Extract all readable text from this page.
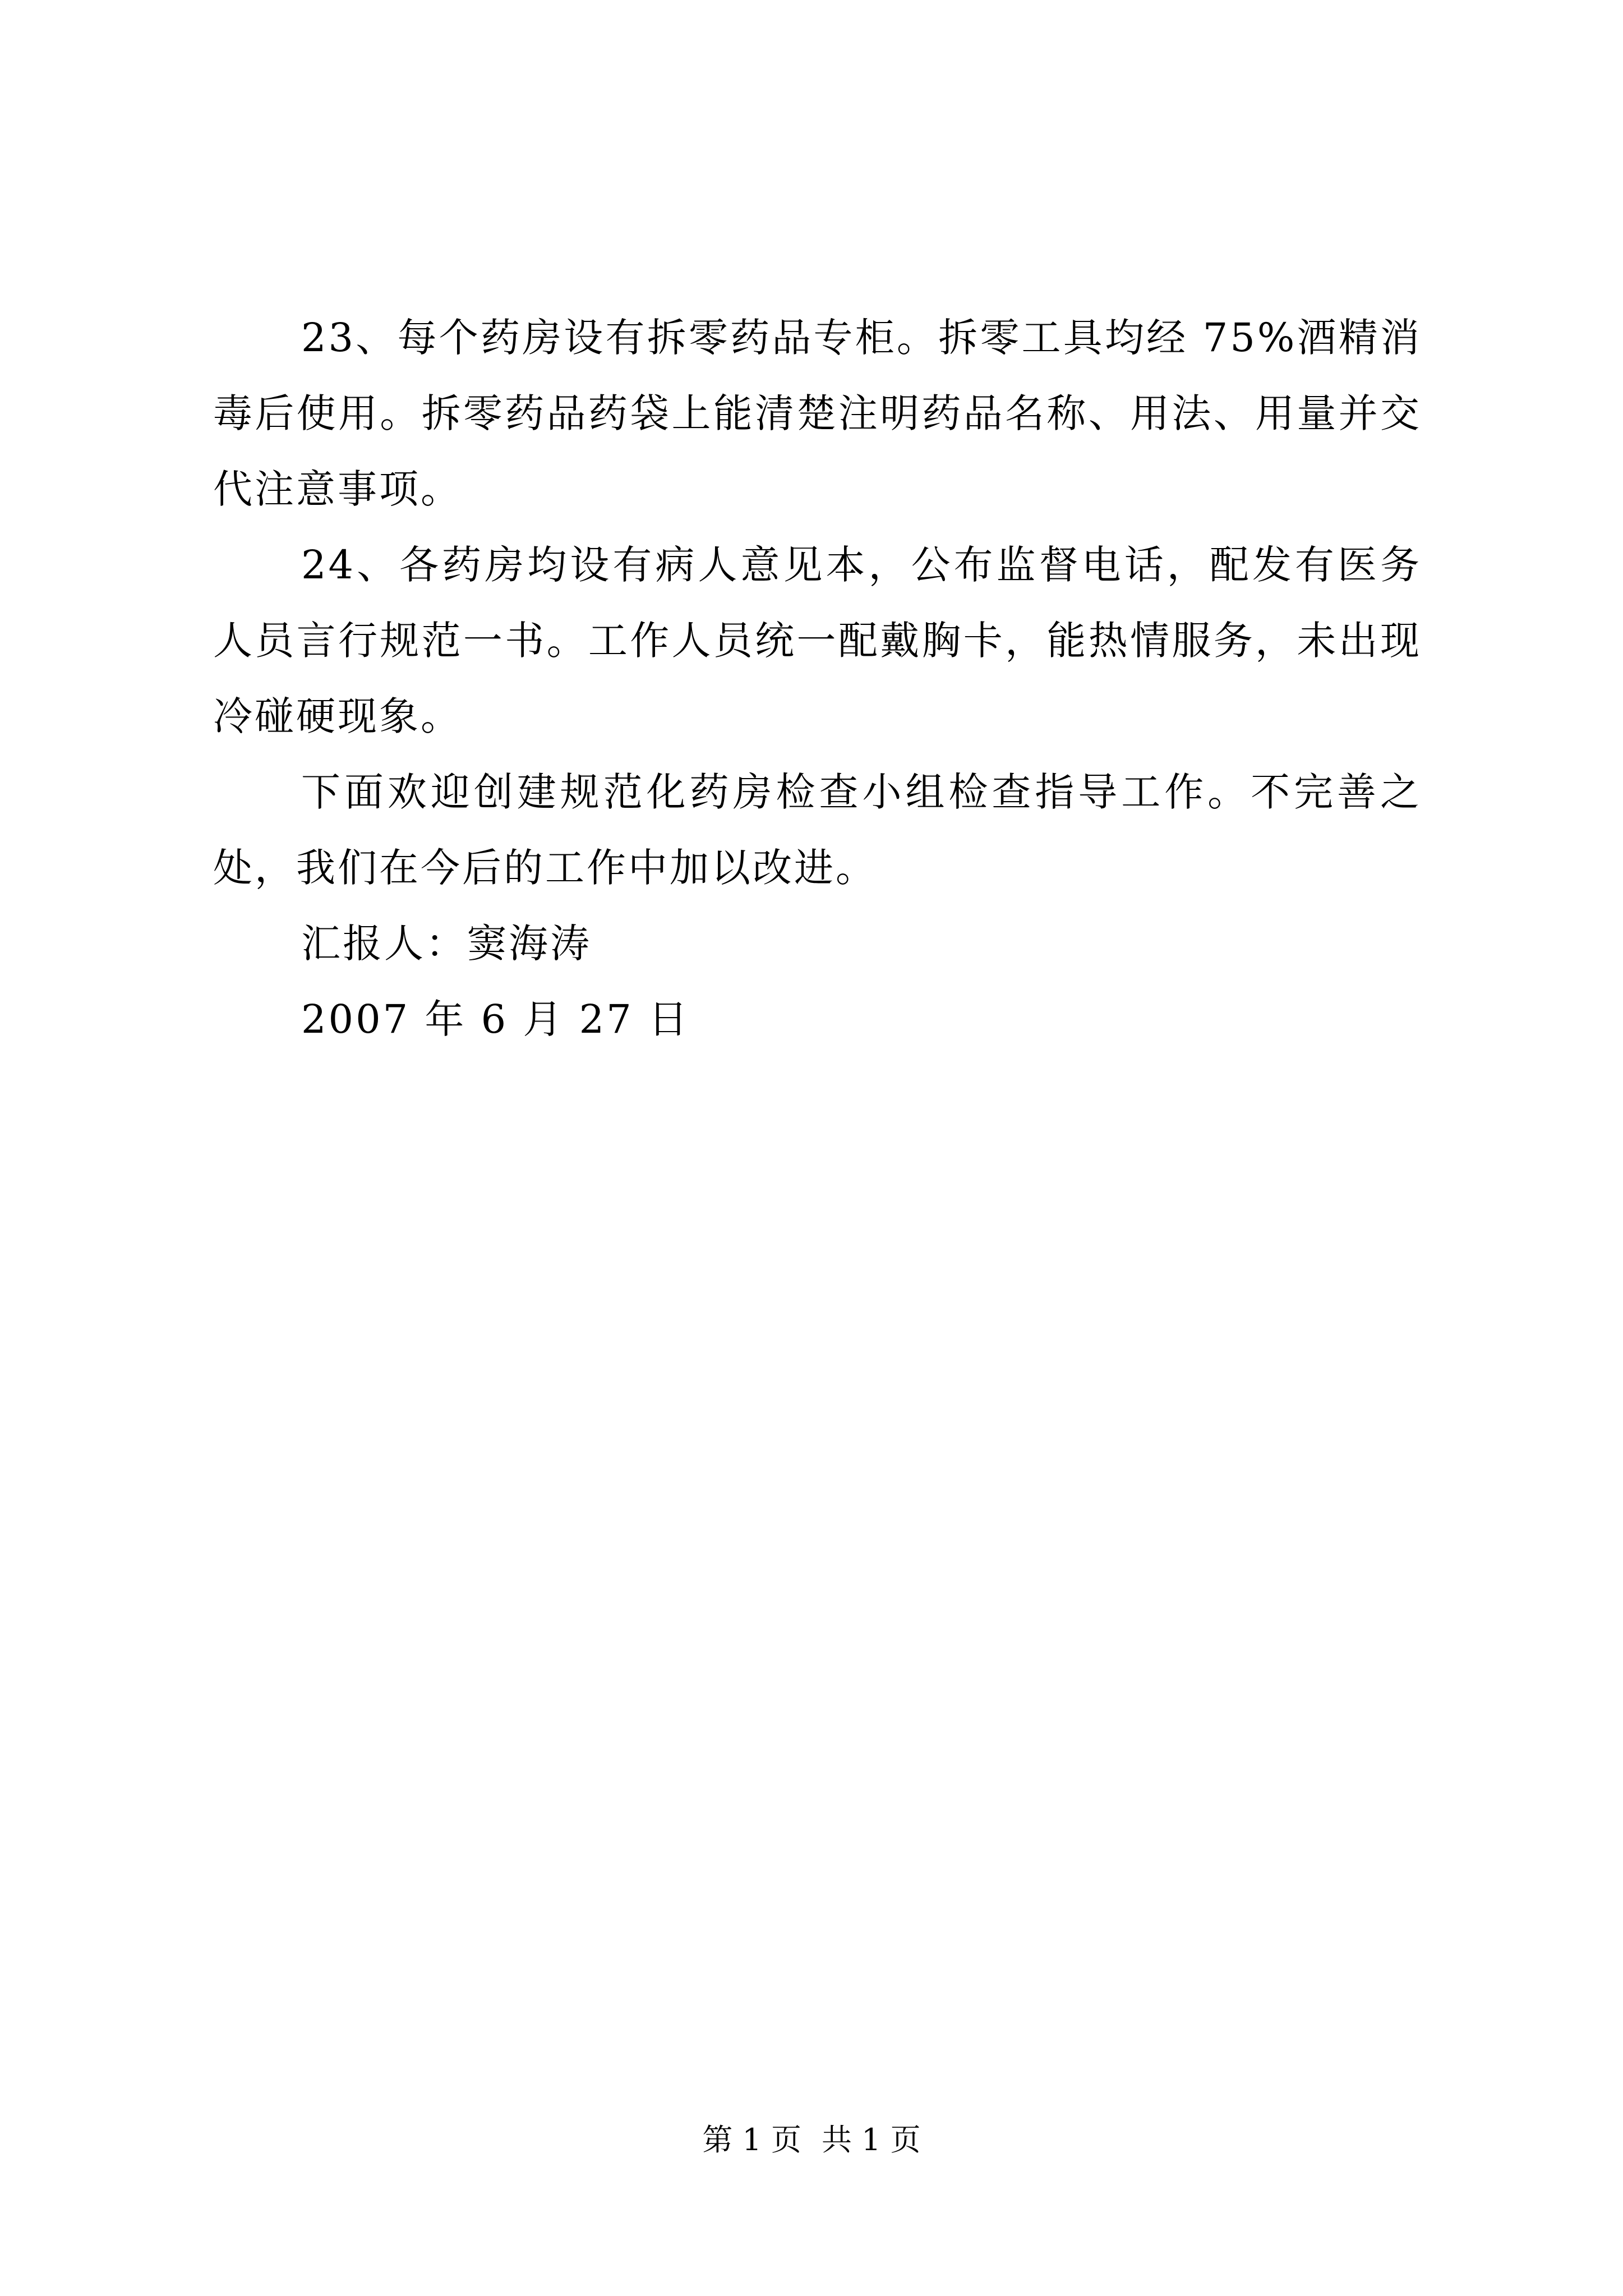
23、每个药房设有拆零药品专柜。拆零工具均经 75%酒精消毒后使用。拆零药品药袋上能清楚注明药品名称、用法、用量并交代注意事项。

24、各药房均设有病人意见本，公布监督电话，配发有医务人员言行规范一书。工作人员统一配戴胸卡，能热情服务，未出现冷碰硬现象。

下面欢迎创建规范化药房检查小组检查指导工作。不完善之处，我们在今后的工作中加以改进。

汇报人：窦海涛

2007 年 6 月 27 日

第 1 页 共 1 页
